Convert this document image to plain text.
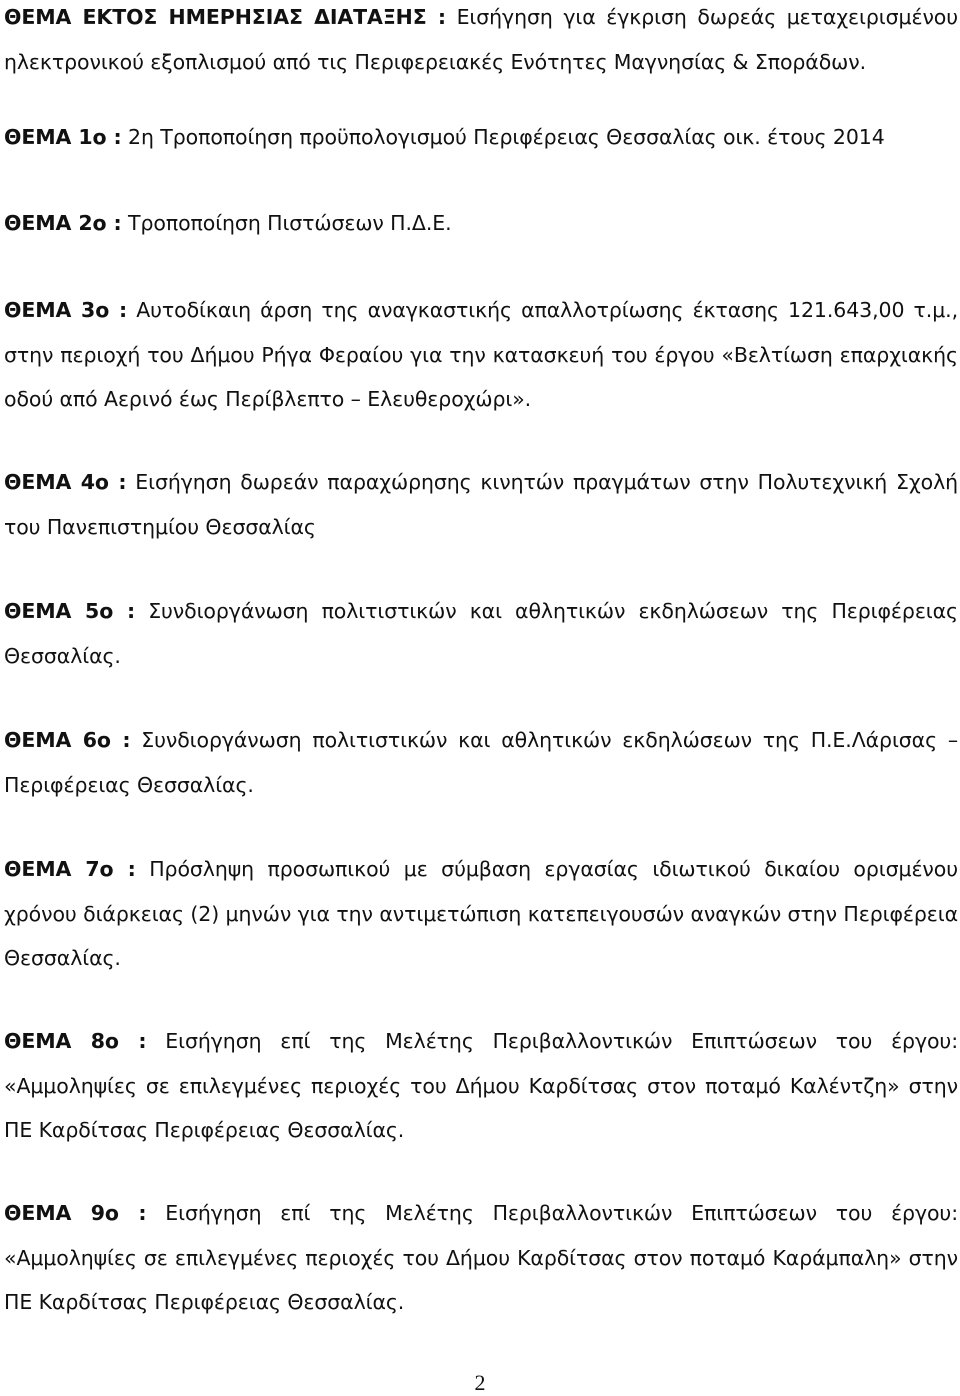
ΘΕΜΑ ΕΚΤΟΣ ΗΜΕΡΗΣΙΑΣ ΔΙΑΤΑΞΗΣ : Εισήγηση για έγκριση δωρεάς μεταχειρισμένου ηλεκτρονικού εξοπλισμού από τις Περιφερειακές Ενότητες Μαγνησίας & Σποράδων.
ΘΕΜΑ 1ο : 2η Τροποποίηση προϋπολογισμού Περιφέρειας Θεσσαλίας οικ. έτους 2014
ΘΕΜΑ 2ο : Τροποποίηση Πιστώσεων Π.Δ.Ε.
ΘΕΜΑ 3ο : Αυτοδίκαιη άρση της αναγκαστικής απαλλοτρίωσης έκτασης 121.643,00 τ.μ., στην περιοχή του Δήμου Ρήγα Φεραίου για την κατασκευή του έργου «Βελτίωση επαρχιακής οδού από Αερινό έως Περίβλεπτο – Ελευθεροχώρι».
ΘΕΜΑ 4ο : Εισήγηση δωρεάν παραχώρησης κινητών πραγμάτων στην Πολυτεχνική Σχολή του Πανεπιστημίου Θεσσαλίας
ΘΕΜΑ 5ο : Συνδιοργάνωση πολιτιστικών και αθλητικών εκδηλώσεων της Περιφέρειας Θεσσαλίας.
ΘΕΜΑ 6ο : Συνδιοργάνωση πολιτιστικών και αθλητικών εκδηλώσεων της Π.Ε.Λάρισας – Περιφέρειας Θεσσαλίας.
ΘΕΜΑ 7ο : Πρόσληψη προσωπικού με σύμβαση εργασίας ιδιωτικού δικαίου ορισμένου χρόνου διάρκειας (2) μηνών για την αντιμετώπιση κατεπειγουσών αναγκών στην Περιφέρεια Θεσσαλίας.
ΘΕΜΑ 8ο : Εισήγηση επί της Μελέτης Περιβαλλοντικών Επιπτώσεων του έργου: «Αμμοληψίες σε επιλεγμένες περιοχές του Δήμου Καρδίτσας στον ποταμό Καλέντζη» στην ΠΕ Καρδίτσας Περιφέρειας Θεσσαλίας.
ΘΕΜΑ 9ο : Εισήγηση επί της Μελέτης Περιβαλλοντικών Επιπτώσεων του έργου: «Αμμοληψίες σε επιλεγμένες περιοχές του Δήμου Καρδίτσας στον ποταμό Καράμπαλη» στην ΠΕ Καρδίτσας Περιφέρειας Θεσσαλίας.
2
